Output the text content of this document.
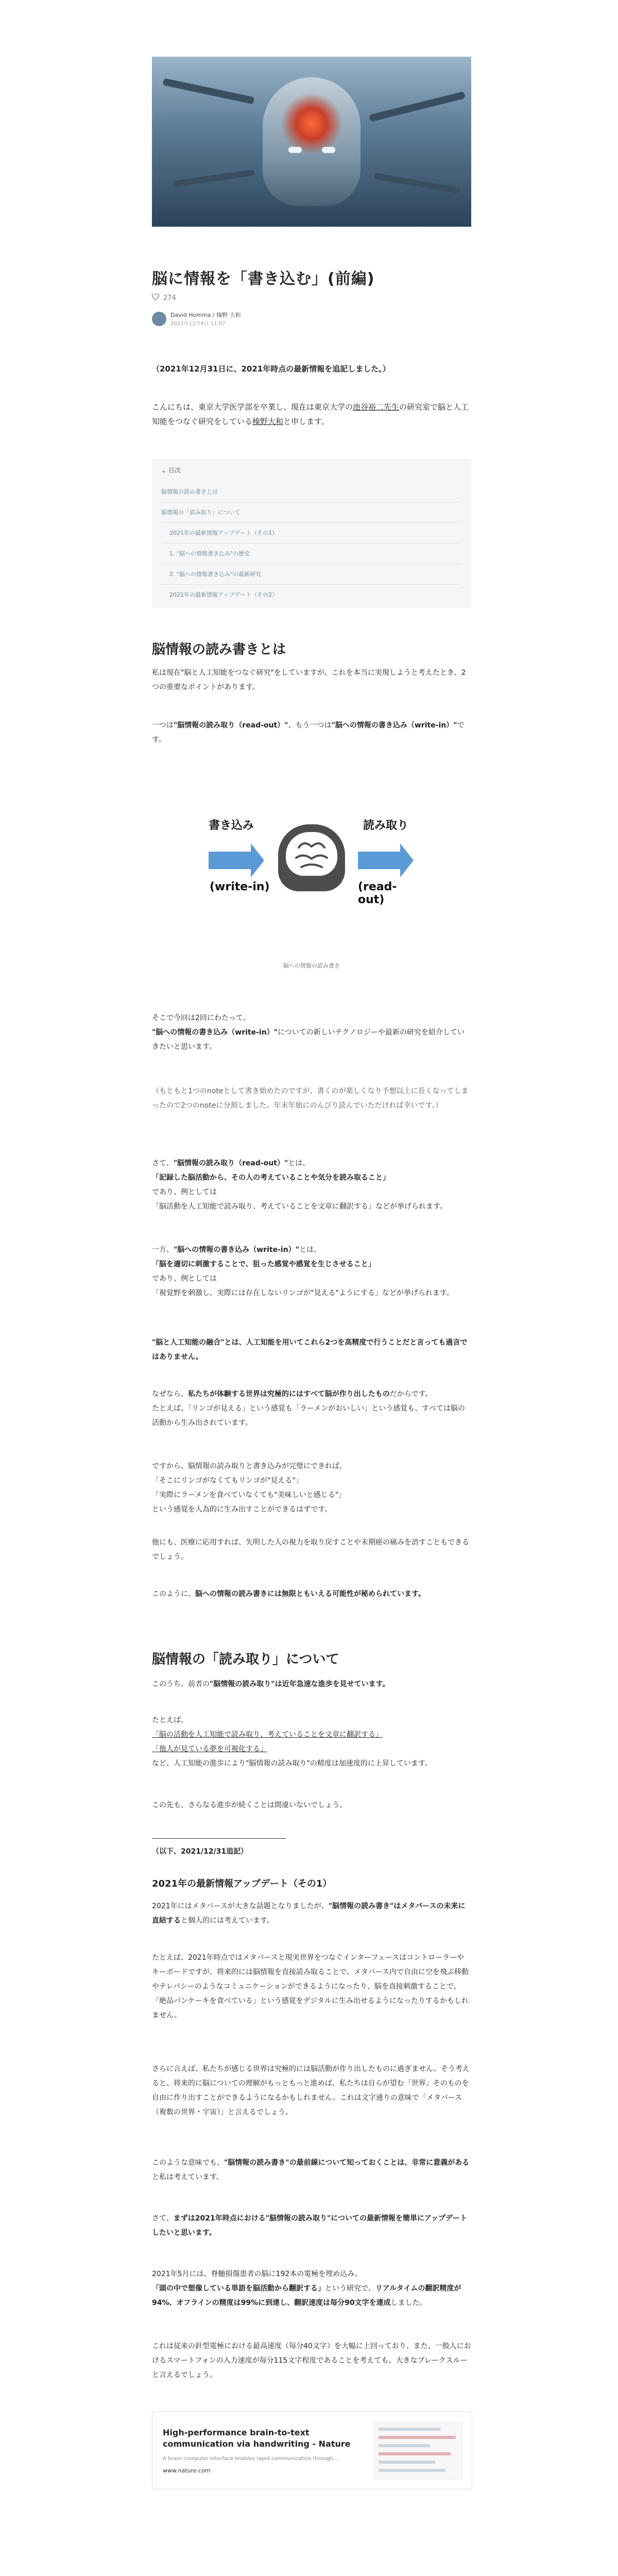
脳に情報を「書き込む」(前編)
274
David Homma / 榛野 大和
2022年12月4日 11:07

（2021年12月31日に、2021年時点の最新情報を追記しました。）

こんにちは、東京大学医学部を卒業し、現在は東京大学の池谷裕二先生の研究室で脳と人工知能をつなぐ研究をしている榛野大和と申します。

⌄ 目次
脳情報の読み書きとは
脳情報の「読み取り」について
2021年の最新情報アップデート（その1）
1. "脳への情報書き込み"の歴史
2. "脳への情報書き込み"の最新研究
2021年の最新情報アップデート（その2）
脳情報の読み書きとは

私は現在"脳と人工知能をつなぐ研究"をしていますが、これを本当に実現しようと考えたとき、2つの重要なポイントがあります。

一つは"脳情報の読み取り（read-out）"、もう一つは"脳への情報の書き込み（write-in）"です。

書き込み
(write-in)
読み取り
(read-out)
脳への情報の読み書き

そこで今回は2回にわたって、
"脳への情報の書き込み（write-in）"についての新しいテクノロジーや最新の研究を紹介していきたいと思います。

（もともと1つのnoteとして書き始めたのですが、書くのが楽しくなり予想以上に長くなってしまったので2つのnoteに分割しました。年末年始にのんびり読んでいただければ幸いです。）

さて、"脳情報の読み取り（read-out）"とは、
「記録した脳活動から、その人の考えていることや気分を読み取ること」
であり、例としては
「脳活動を人工知能で読み取り、考えていることを文章に翻訳する」などが挙げられます。

一方、"脳への情報の書き込み（write-in）"とは、
「脳を適切に刺激することで、狙った感覚や感覚を生じさせること」
であり、例としては
「視覚野を刺激し、実際には存在しないリンゴが"見える"ようにする」などが挙げられます。

"脳と人工知能の融合"とは、人工知能を用いてこれら2つを高精度で行うことだと言っても過言ではありません。

なぜなら、私たちが体験する世界は究極的にはすべて脳が作り出したものだからです。
たとえば、「リンゴが見える」という感覚も「ラーメンがおいしい」という感覚も、すべては脳の活動から生み出されています。

ですから、脳情報の読み取りと書き込みが完璧にできれば、
「そこにリンゴがなくてもリンゴが"見える"」
「実際にラーメンを食べていなくても"美味しいと感じる"」
という感覚を人為的に生み出すことができるはずです。

他にも、医療に応用すれば、失明した人の視力を取り戻すことや末期癌の痛みを消すこともできるでしょう。

このように、脳への情報の読み書きには無限ともいえる可能性が秘められています。

脳情報の「読み取り」について

このうち、前者の"脳情報の読み取り"は近年急速な進歩を見せています。

たとえば、
「脳の活動を人工知能で読み取り、考えていることを文章に翻訳する」
「他人が見ている夢を可視化する」
など、人工知能の進歩により"脳情報の読み取り"の精度は加速度的に上昇しています。

この先も、さらなる進歩が続くことは間違いないでしょう。

（以下、2021/12/31追記）

2021年の最新情報アップデート（その1）

2021年にはメタバースが大きな話題となりましたが、"脳情報の読み書き"はメタバースの未来に直結すると個人的には考えています。

たとえば、2021年時点ではメタバースと現実世界をつなぐインターフェースはコントローラーやキーボードですが、将来的には脳情報を直接読み取ることで、メタバース内で自由に空を飛ぶ移動やテレパシーのようなコミュニケーションができるようになったり、脳を直接刺激することで、「絶品パンケーキを食べている」という感覚をデジタルに生み出せるようになったりするかもしれません。

さらに言えば、私たちが感じる世界は究極的には脳活動が作り出したものに過ぎません。そう考えると、将来的に脳についての理解がもっともっと進めば、私たちは自らが望む「世界」そのものを自由に作り出すことができるようになるかもしれません。これは文字通りの意味で「メタバース（複数の世界・宇宙）」と言えるでしょう。

このような意味でも、"脳情報の読み書き"の最前線について知っておくことは、非常に意義があると私は考えています。

さて、まずは2021年時点における"脳情報の読み取り"についての最新情報を簡単にアップデートしたいと思います。

2021年5月には、脊髄損傷患者の脳に192本の電極を埋め込み、
「頭の中で想像している単語を脳活動から翻訳する」という研究で、リアルタイムの翻訳精度が94%、オフラインの精度は99%に到達し、翻訳速度は毎分90文字を達成しました。

これは従来の針型電極における最高速度（毎分40文字）を大幅に上回っており、また、一般人におけるスマートフォンの入力速度が毎分115文字程度であることを考えても、大きなブレークスルーと言えるでしょう。

High-performance brain-to-text communication via handwriting - Nature
A brain–computer interface enables rapid communication through...
www.nature.com
